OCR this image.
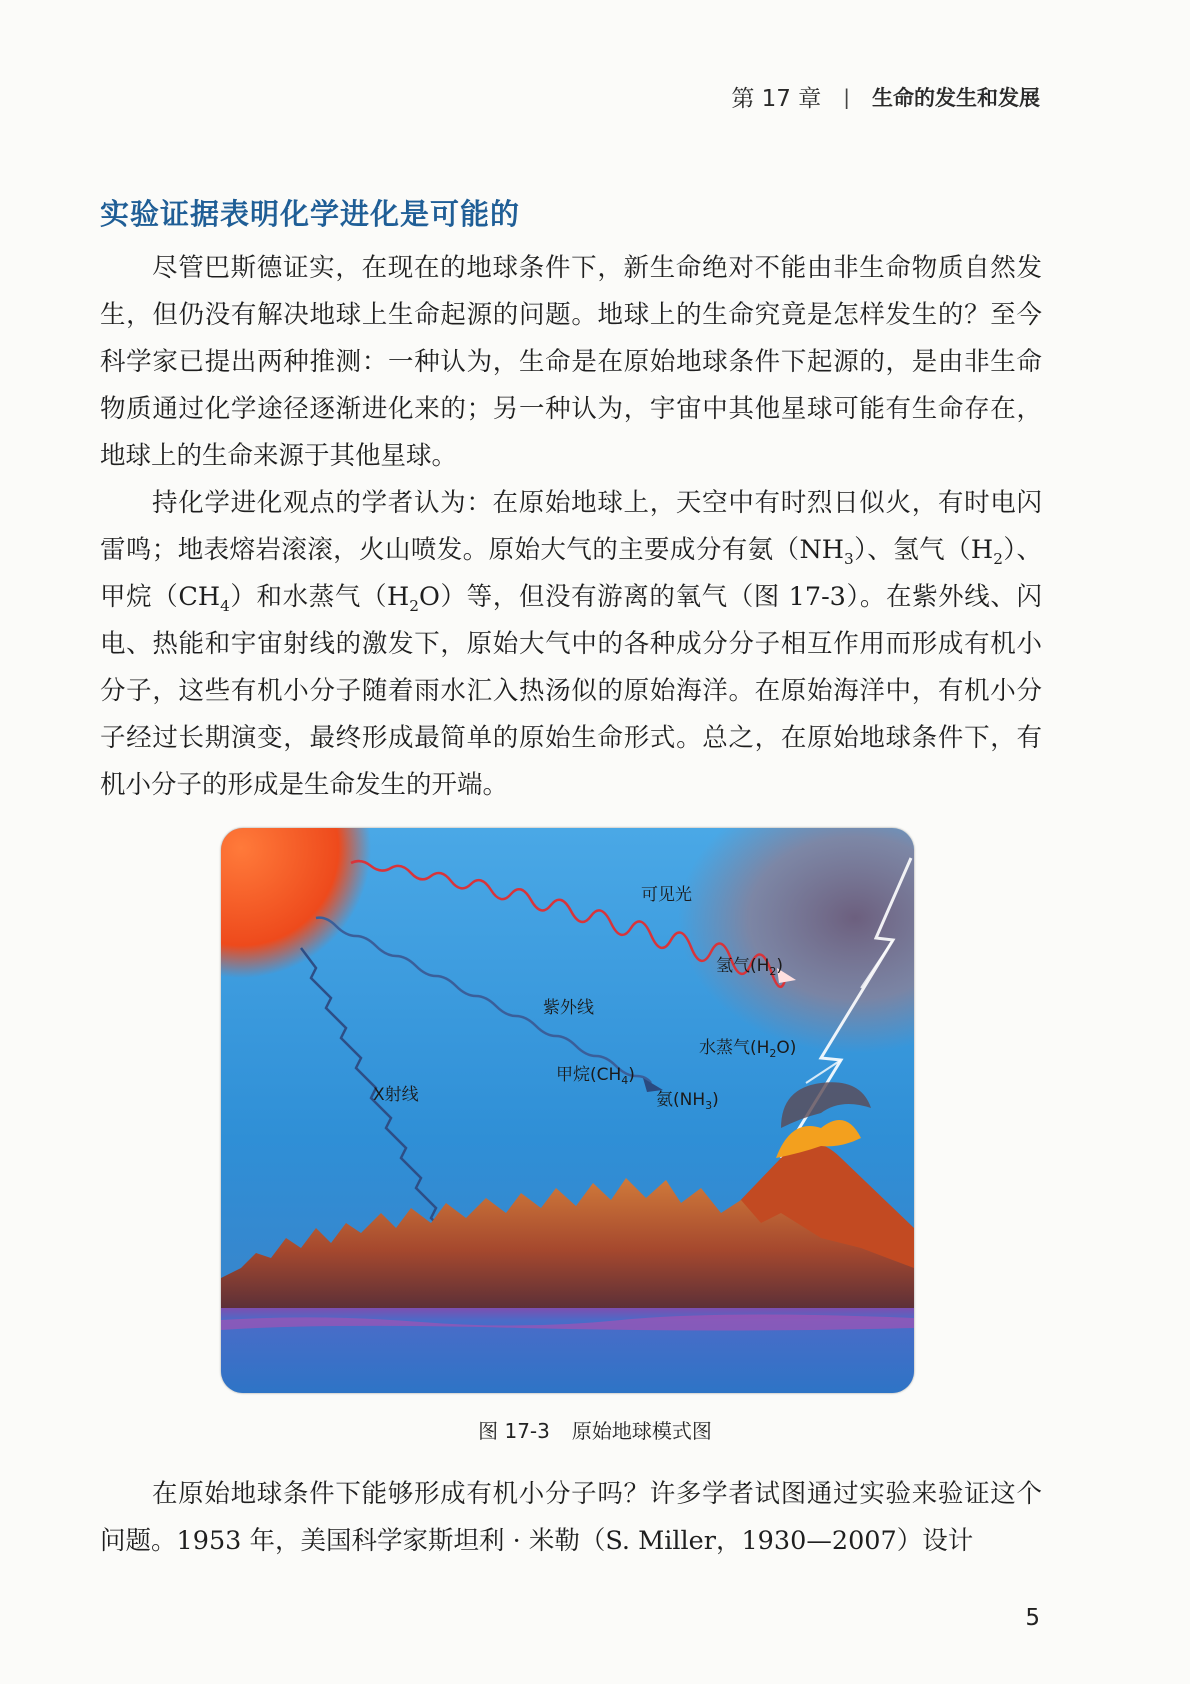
第 17 章 | 生命的发生和发展
实验证据表明化学进化是可能的

尽管巴斯德证实，在现在的地球条件下，新生命绝对不能由非生命物质自然发生，但仍没有解决地球上生命起源的问题。地球上的生命究竟是怎样发生的？至今科学家已提出两种推测：一种认为，生命是在原始地球条件下起源的，是由非生命物质通过化学途径逐渐进化来的；另一种认为，宇宙中其他星球可能有生命存在，地球上的生命来源于其他星球。

持化学进化观点的学者认为：在原始地球上，天空中有时烈日似火，有时电闪雷鸣；地表熔岩滚滚，火山喷发。原始大气的主要成分有氨$(NH_3)$、氢气$(H_2)$、甲烷$(CH_4)$和水蒸气$(H_2O)$等，但没有游离的氧气（图 17-3）。在紫外线、闪电、热能和宇宙射线的激发下，原始大气中的各种成分分子相互作用而形成有机小分子，这些有机小分子随着雨水汇入热汤似的原始海洋。在原始海洋中，有机小分子经过长期演变，最终形成最简单的原始生命形式。总之，在原始地球条件下，有机小分子的形成是生命发生的开端。

可见光
氢气$(H_2)$
紫外线
水蒸气$(H_2O)$
甲烷$(CH_4)$
氨$(NH_3)$
X射线
图 17-3 原始地球模式图

在原始地球条件下能够形成有机小分子吗？许多学者试图通过实验来验证这个问题。1953 年，美国科学家斯坦利 · 米勒（S. Miller，1930—2007）设计

5
